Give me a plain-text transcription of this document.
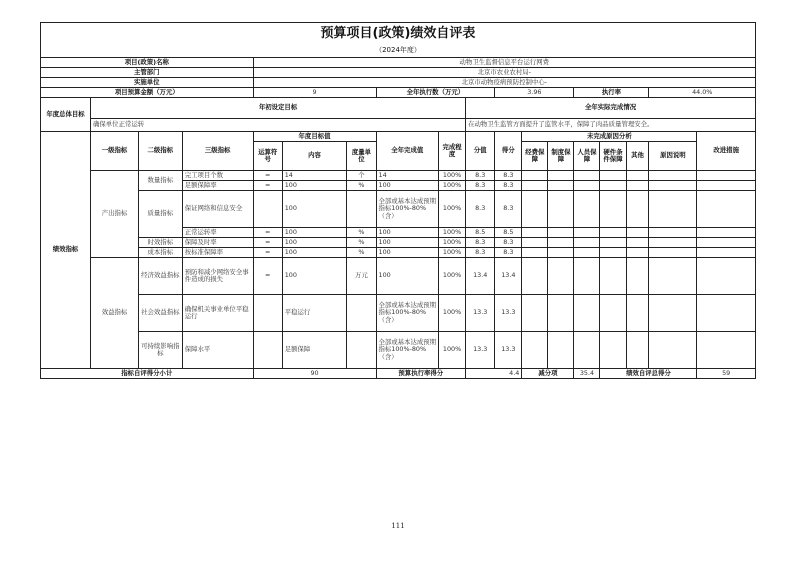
预算项目(政策)绩效自评表																	
（2024年度）																	
项目(政策)名称				动物卫生监督信息平台运行网费													
主管部门				北京市农业农村局-													
实施单位				北京市动物疫病预防控制中心-													
项目预算金额（万元）				9			全年执行数（万元）			3.96			执行率			44.0%	
年度总体目标	年初设定目标								全年实际完成情况								
	确保单位正常运转								在动物卫生监管方面提升了监管水平，保障了肉品质量管理安全。								
绩效指标	一级指标	二级指标	三级指标	年度目标值			全年完成值	完成程度	分值	得分	未完成原因分析						改进措施
				运算符号	内容	度量单位					经费保障	制度保障	人员保障	硬件条件保障	其他	原因说明	
	产出指标	数量指标	完工项目个数	=	14	个	14	100%	8.3	8.3							
			足额保障率	=	100	%	100	100%	8.3	8.3							
		质量指标	保证网络和信息安全		100		全部或基本达成预期指标100%-80%（含）	100%	8.3	8.3							
			正常运转率	=	100	%	100	100%	8.5	8.5							
		时效指标	保障及时率	=	100	%	100	100%	8.3	8.3							
		成本指标	按标准保障率	=	100	%	100	100%	8.3	8.3							
	效益指标	经济效益指标	预防和减少网络安全事件造成的损失	=	100	万元	100	100%	13.4	13.4							
		社会效益指标	确保机关事业单位平稳运行		平稳运行		全部或基本达成预期指标100%-80%（含）	100%	13.3	13.3							
		可持续影响指标	保障水平		足额保障		全部或基本达成预期指标100%-80%（含）	100%	13.3	13.3							
指标自评得分小计				90			预算执行率得分		4.4		减分项		35.4	绩效自评总得分			59
111
